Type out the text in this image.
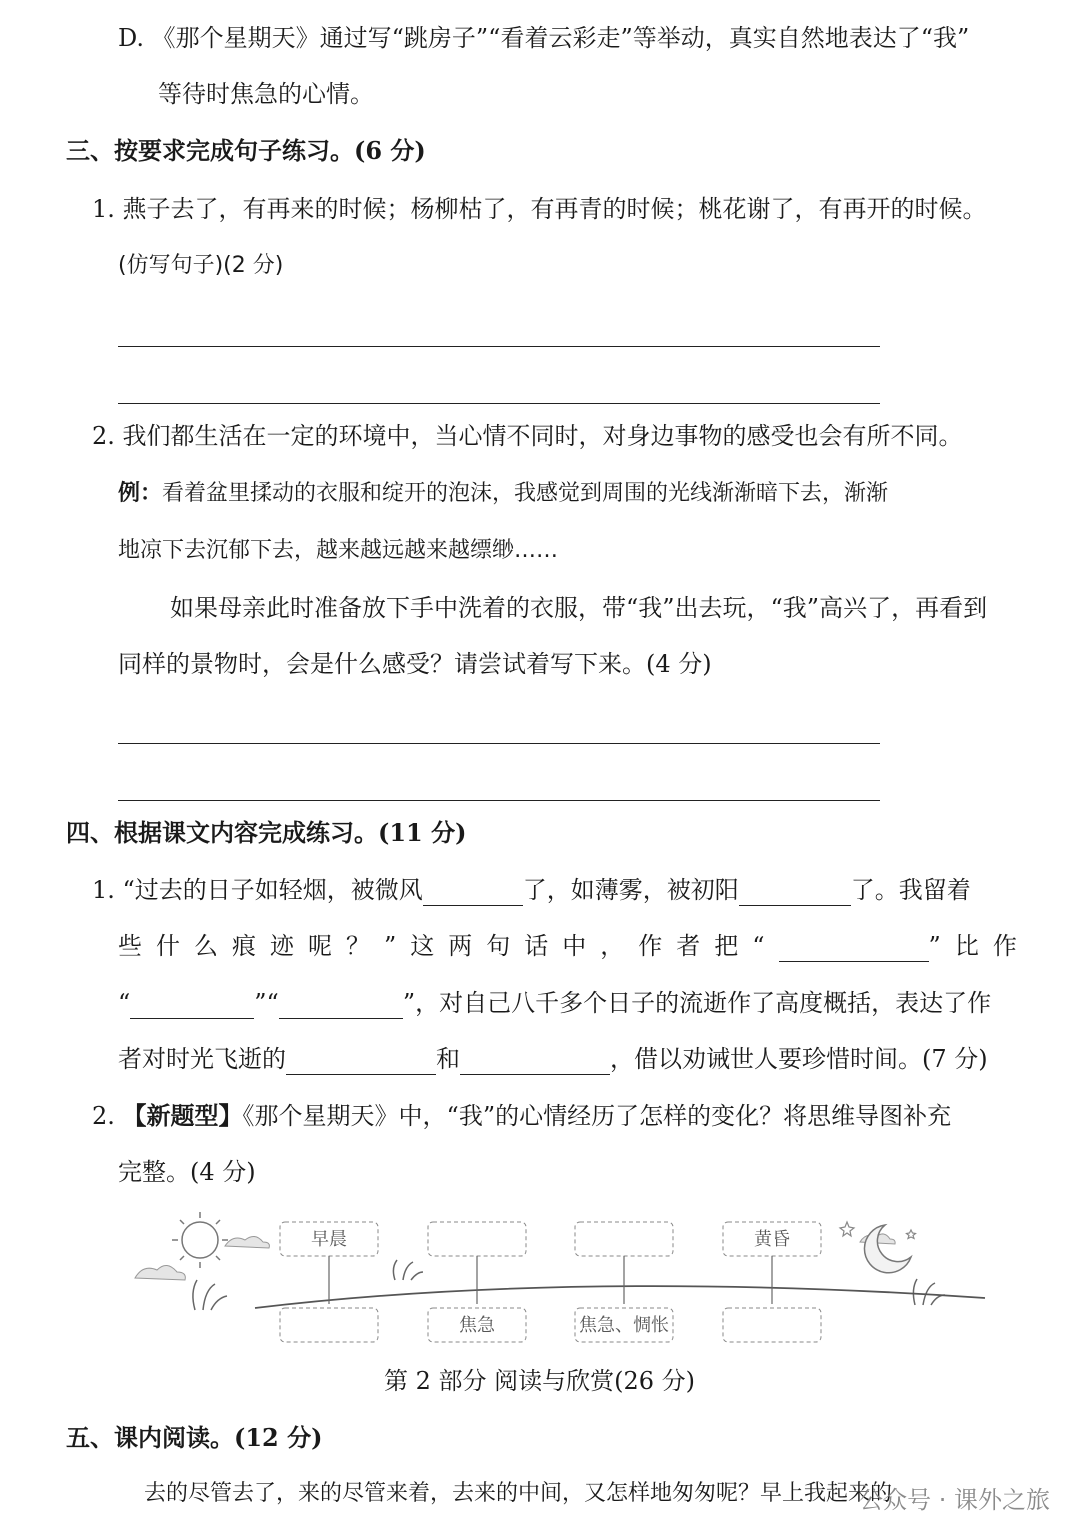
D. 《那个星期天》通过写“跳房子”“看着云彩走”等举动，真实自然地表达了“我”
等待时焦急的心情。
三、按要求完成句子练习。(6 分)
1. 燕子去了，有再来的时候；杨柳枯了，有再青的时候；桃花谢了，有再开的时候。
(仿写句子)(2 分)
2. 我们都生活在一定的环境中，当心情不同时，对身边事物的感受也会有所不同。
例：看着盆里揉动的衣服和绽开的泡沫，我感觉到周围的光线渐渐暗下去，渐渐
地凉下去沉郁下去，越来越远越来越缥缈……
如果母亲此时准备放下手中洗着的衣服，带“我”出去玩，“我”高兴了，再看到
同样的景物时，会是什么感受？请尝试着写下来。(4 分)
四、根据课文内容完成练习。(11 分)
1. “过去的日子如轻烟，被微风	了，如薄雾，被初阳	了。我留着
些什么痕迹呢？”这两句话中，作者把“	”比作
“	”“	”，对自己八千多个日子的流逝作了高度概括，表达了作
者对时光飞逝的	和	，借以劝诫世人要珍惜时间。(7 分)
2. 【新题型】《那个星期天》中，“我”的心情经历了怎样的变化？将思维导图补充
完整。(4 分)
早晨	黄昏
焦急	焦急、惆怅
第 2 部分 阅读与欣赏(26 分)
五、课内阅读。(12 分)
去的尽管去了，来的尽管来着，去来的中间，又怎样地匆匆呢？早上我起来的
公众号 · 课外之旅
